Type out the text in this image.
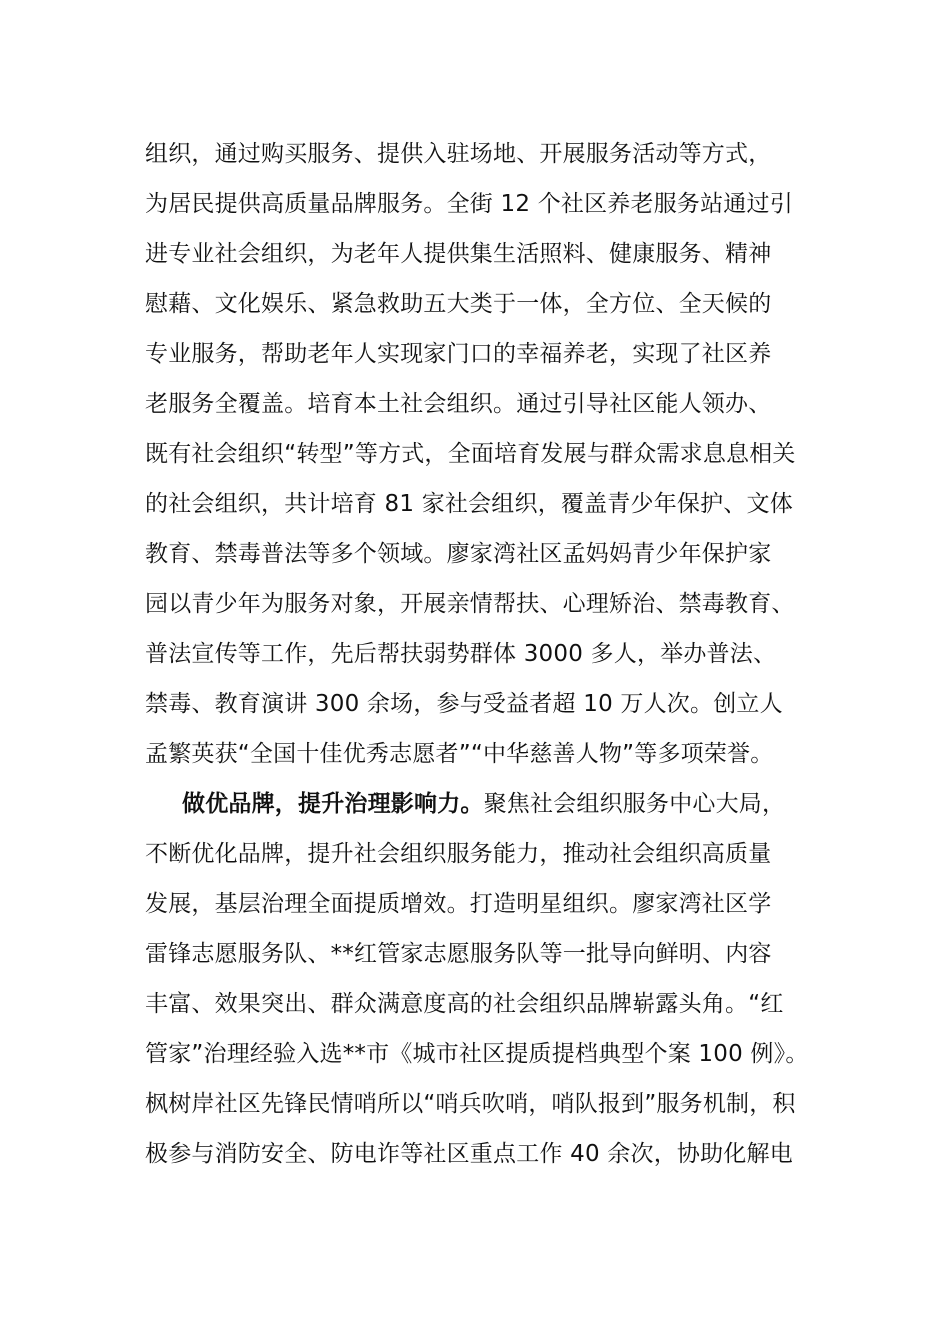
组织，通过购买服务、提供入驻场地、开展服务活动等方式，
为居民提供高质量品牌服务。全街 12 个社区养老服务站通过引
进专业社会组织，为老年人提供集生活照料、健康服务、精神
慰藉、文化娱乐、紧急救助五大类于一体，全方位、全天候的
专业服务，帮助老年人实现家门口的幸福养老，实现了社区养
老服务全覆盖。培育本土社会组织。通过引导社区能人领办、
既有社会组织“转型”等方式，全面培育发展与群众需求息息相关
的社会组织，共计培育 81 家社会组织，覆盖青少年保护、文体
教育、禁毒普法等多个领域。廖家湾社区孟妈妈青少年保护家
园以青少年为服务对象，开展亲情帮扶、心理矫治、禁毒教育、
普法宣传等工作，先后帮扶弱势群体 3000 多人，举办普法、
禁毒、教育演讲 300 余场，参与受益者超 10 万人次。创立人
孟繁英获“全国十佳优秀志愿者”“中华慈善人物”等多项荣誉。
做优品牌，提升治理影响力。聚焦社会组织服务中心大局，
不断优化品牌，提升社会组织服务能力，推动社会组织高质量
发展，基层治理全面提质增效。打造明星组织。廖家湾社区学
雷锋志愿服务队、**红管家志愿服务队等一批导向鲜明、内容
丰富、效果突出、群众满意度高的社会组织品牌崭露头角。“红
管家”治理经验入选**市《城市社区提质提档典型个案 100 例》。
枫树岸社区先锋民情哨所以“哨兵吹哨，哨队报到”服务机制，积
极参与消防安全、防电诈等社区重点工作 40 余次，协助化解电
